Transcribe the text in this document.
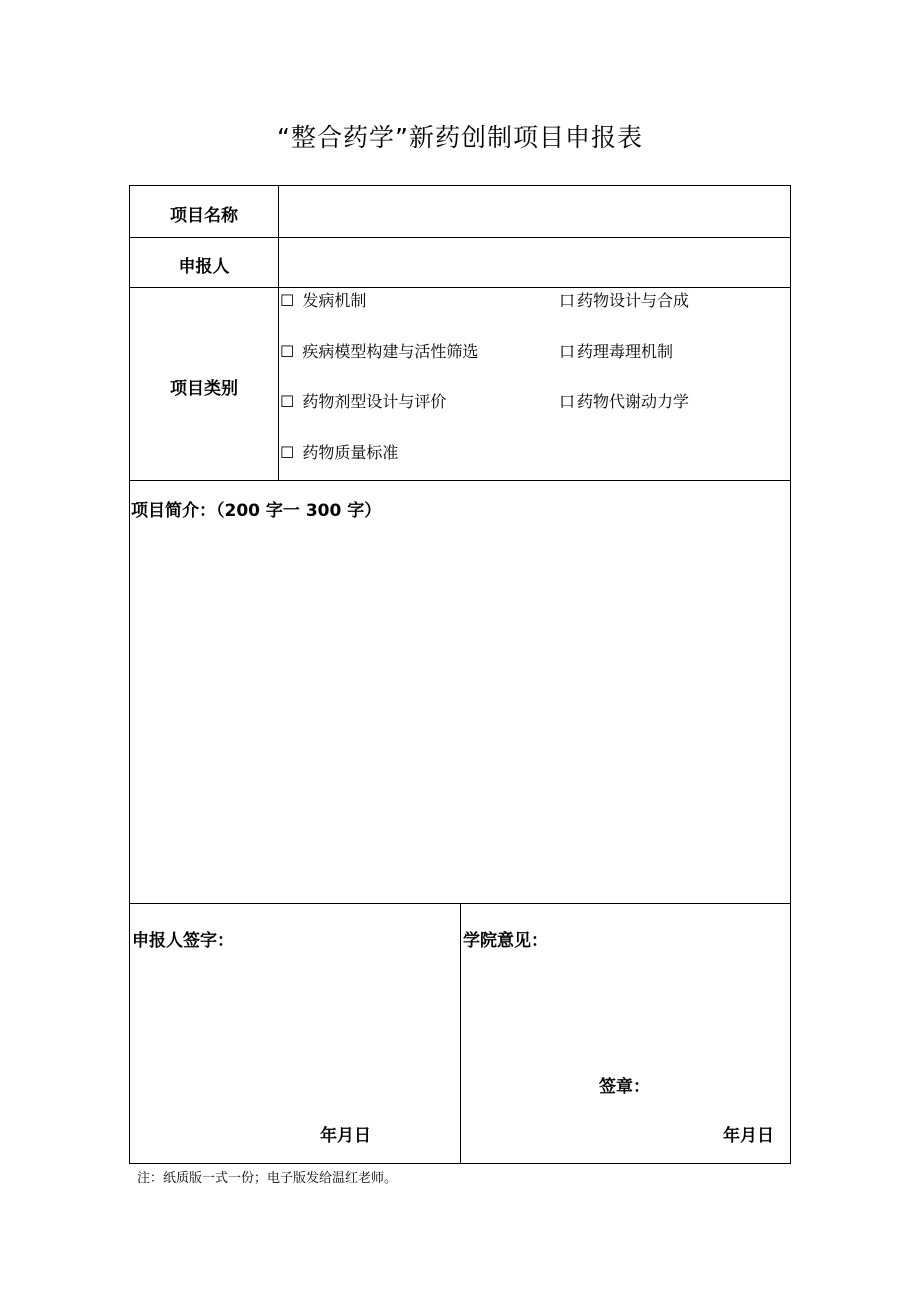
“整合药学”新药创制项目申报表
项目名称
申报人
项目类别
☐ 发病机制
☐ 疾病模型构建与活性筛选
☐ 药物剂型设计与评价
☐ 药物质量标准
口 药物设计与合成
口 药理毒理机制
口 药物代谢动力学
项目简介：（200 字一 300 字）
申报人签字：
年月日
学院意见：
签章：
年月日
注：纸质版一式一份；电子版发给温红老师。
